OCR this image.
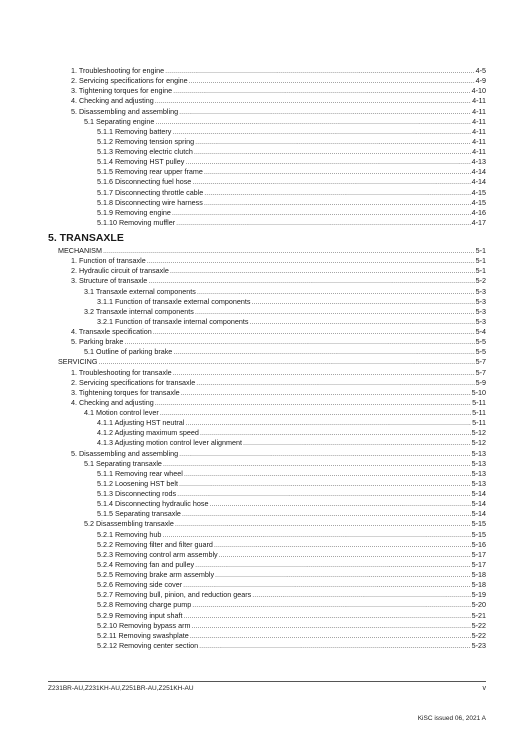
1. Troubleshooting for engine .....	4-5
2. Servicing specifications for engine .....	4-9
3. Tightening torques for engine .....	4-10
4. Checking and adjusting .....	4-11
5. Disassembling and assembling .....	4-11
5.1 Separating engine .....	4-11
5.1.1 Removing battery .....	4-11
5.1.2 Removing tension spring .....	4-11
5.1.3 Removing electric clutch .....	4-11
5.1.4 Removing HST pulley .....	4-13
5.1.5 Removing rear upper frame .....	4-14
5.1.6 Disconnecting fuel hose .....	4-14
5.1.7 Disconnecting throttle cable .....	4-15
5.1.8 Disconnecting wire harness .....	4-15
5.1.9 Removing engine .....	4-16
5.1.10 Removing muffler .....	4-17
5. TRANSAXLE
MECHANISM .....	5-1
1. Function of transaxle .....	5-1
2. Hydraulic circuit of transaxle .....	5-1
3. Structure of transaxle .....	5-2
3.1 Transaxle external components .....	5-3
3.1.1 Function of transaxle external components .....	5-3
3.2 Transaxle internal components .....	5-3
3.2.1 Function of transaxle internal components .....	5-3
4. Transaxle specification .....	5-4
5. Parking brake .....	5-5
5.1 Outline of parking brake .....	5-5
SERVICING .....	5-7
1. Troubleshooting for transaxle .....	5-7
2. Servicing specifications for transaxle .....	5-9
3. Tightening torques for transaxle .....	5-10
4. Checking and adjusting .....	5-11
4.1 Motion control lever .....	5-11
4.1.1 Adjusting HST neutral .....	5-11
4.1.2 Adjusting maximum speed .....	5-12
4.1.3 Adjusting motion control lever alignment .....	5-12
5. Disassembling and assembling .....	5-13
5.1 Separating transaxle .....	5-13
5.1.1 Removing rear wheel .....	5-13
5.1.2 Loosening HST belt .....	5-13
5.1.3 Disconnecting rods .....	5-14
5.1.4 Disconnecting hydraulic hose .....	5-14
5.1.5 Separating transaxle .....	5-14
5.2 Disassembling transaxle .....	5-15
5.2.1 Removing hub .....	5-15
5.2.2 Removing filter and filter guard .....	5-16
5.2.3 Removing control arm assembly .....	5-17
5.2.4 Removing fan and pulley .....	5-17
5.2.5 Removing brake arm assembly .....	5-18
5.2.6 Removing side cover .....	5-18
5.2.7 Removing bull, pinion, and reduction gears .....	5-19
5.2.8 Removing charge pump .....	5-20
5.2.9 Removing input shaft .....	5-21
5.2.10 Removing bypass arm .....	5-22
5.2.11 Removing swashplate .....	5-22
5.2.12 Removing center section .....	5-23
Z231BR-AU,Z231KH-AU,Z251BR-AU,Z251KH-AU	v
KiSC issued 06, 2021 A
